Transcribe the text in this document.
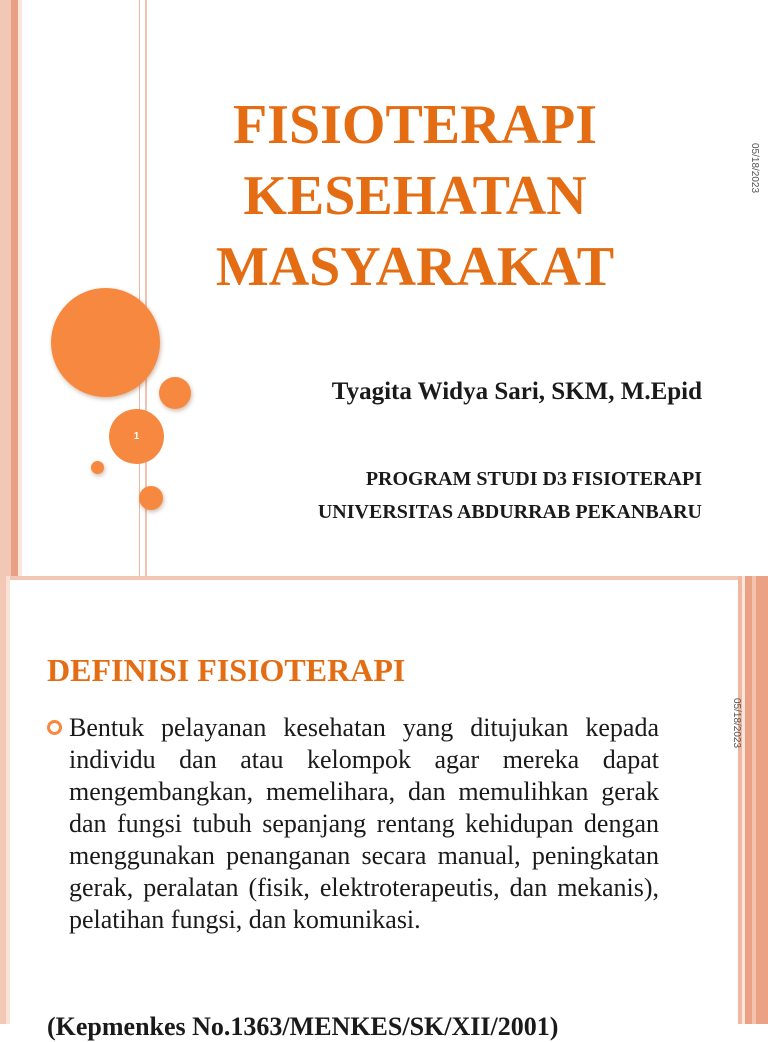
1
FISIOTERAPI
KESEHATAN
MASYARAKAT
Tyagita Widya Sari, SKM, M.Epid
PROGRAM STUDI D3 FISIOTERAPI
UNIVERSITAS ABDURRAB PEKANBARU
05/18/2023
DEFINISI FISIOTERAPI

Bentuk pelayanan kesehatan yang ditujukan kepada individu dan atau kelompok agar mereka dapat mengembangkan, memelihara, dan memulihkan gerak dan fungsi tubuh sepanjang rentang kehidupan dengan menggunakan penanganan secara manual, peningkatan gerak, peralatan (fisik, elektroterapeutis, dan mekanis), pelatihan fungsi, dan komunikasi.

(Kepmenkes No.1363/MENKES/SK/XII/2001)
05/18/2023
